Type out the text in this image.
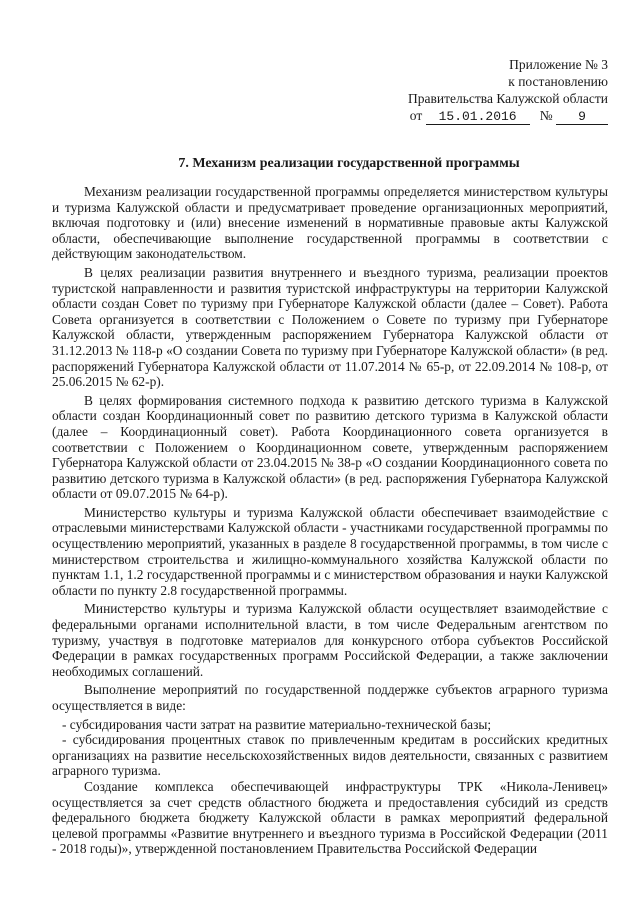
Приложение № 3
к постановлению
Правительства Калужской области
от 15.01.2016 № 9
7. Механизм реализации государственной программы

Механизм реализации государственной программы определяется министерством культуры и туризма Калужской области и предусматривает проведение организационных мероприятий, включая подготовку и (или) внесение изменений в нормативные правовые акты Калужской области, обеспечивающие выполнение государственной программы в соответствии с действующим законодательством.

В целях реализации развития внутреннего и въездного туризма, реализации проектов туристской направленности и развития туристской инфраструктуры на территории Калужской области создан Совет по туризму при Губернаторе Калужской области (далее – Совет). Работа Совета организуется в соответствии с Положением о Совете по туризму при Губернаторе Калужской области, утвержденным распоряжением Губернатора Калужской области от 31.12.2013 № 118-р «О создании Совета по туризму при Губернаторе Калужской области» (в ред. распоряжений Губернатора Калужской области от 11.07.2014 № 65-р, от 22.09.2014 № 108-р, от 25.06.2015 № 62-р).

В целях формирования системного подхода к развитию детского туризма в Калужской области создан Координационный совет по развитию детского туризма в Калужской области (далее – Координационный совет). Работа Координационного совета организуется в соответствии с Положением о Координационном совете, утвержденным распоряжением Губернатора Калужской области от 23.04.2015 № 38-р «О создании Координационного совета по развитию детского туризма в Калужской области» (в ред. распоряжения Губернатора Калужской области от 09.07.2015 № 64-р).

Министерство культуры и туризма Калужской области обеспечивает взаимодействие с отраслевыми министерствами Калужской области - участниками государственной программы по осуществлению мероприятий, указанных в разделе 8 государственной программы, в том числе с министерством строительства и жилищно-коммунального хозяйства Калужской области по пунктам 1.1, 1.2 государственной программы и с министерством образования и науки Калужской области по пункту 2.8 государственной программы.

Министерство культуры и туризма Калужской области осуществляет взаимодействие с федеральными органами исполнительной власти, в том числе Федеральным агентством по туризму, участвуя в подготовке материалов для конкурсного отбора субъектов Российской Федерации в рамках государственных программ Российской Федерации, а также заключении необходимых соглашений.

Выполнение мероприятий по государственной поддержке субъектов аграрного туризма осуществляется в виде:

- субсидирования части затрат на развитие материально-технической базы;

- субсидирования процентных ставок по привлеченным кредитам в российских кредитных организациях на развитие несельскохозяйственных видов деятельности, связанных с развитием аграрного туризма.

Создание комплекса обеспечивающей инфраструктуры ТРК «Никола-Ленивец» осуществляется за счет средств областного бюджета и предоставления субсидий из средств федерального бюджета бюджету Калужской области в рамках мероприятий федеральной целевой программы «Развитие внутреннего и въездного туризма в Российской Федерации (2011 - 2018 годы)», утвержденной постановлением Правительства Российской Федерации
